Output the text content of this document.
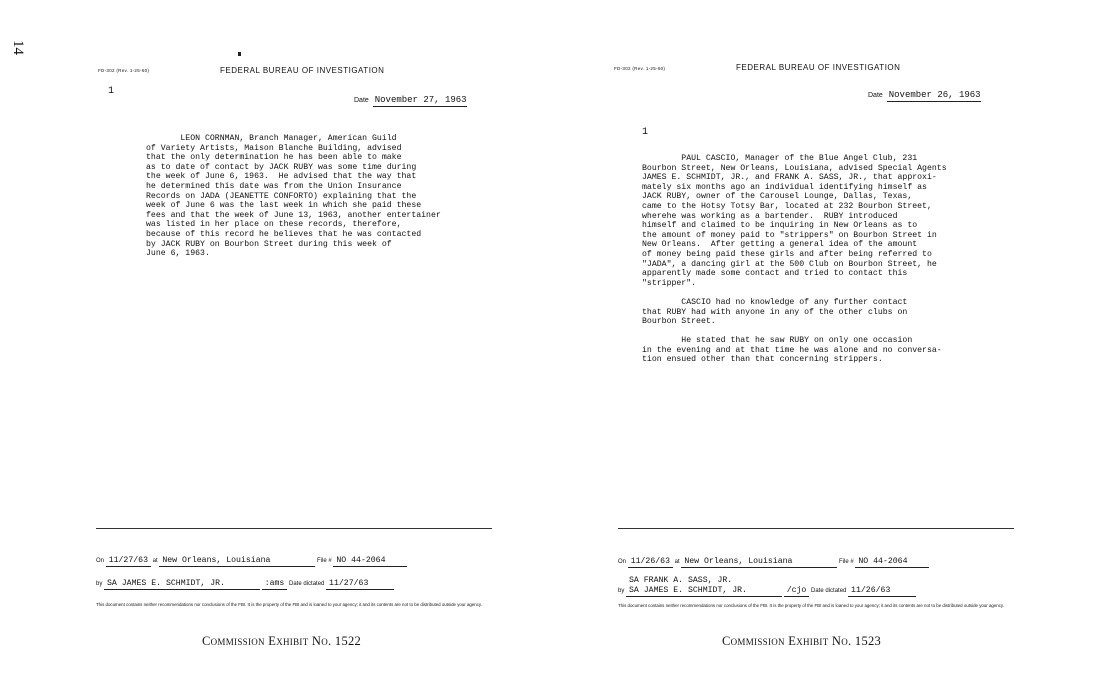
14
FD-302 (Rev. 1-25-60)	FEDERAL BUREAU OF INVESTIGATION
Date November 27, 1963
1
LEON CORNMAN, Branch Manager, American Guild
of Variety Artists, Maison Blanche Building, advised
that the only determination he has been able to make
as to date of contact by JACK RUBY was some time during
the week of June 6, 1963.  He advised that the way that
he determined this date was from the Union Insurance
Records on JADA (JEANETTE CONFORTO) explaining that the
week of June 6 was the last week in which she paid these
fees and that the week of June 13, 1963, another entertainer
was listed in her place on these records, therefore,
because of this record he believes that he was contacted
by JACK RUBY on Bourbon Street during this week of
June 6, 1963.
On 11/27/63 at New Orleans, Louisiana	File # NO 44-2064
by SA JAMES E. SCHMIDT, JR.	:ams Date dictated 11/27/63
This document contains neither recommendations nor conclusions of the FBI. It is the property of the FBI and is loaned to your agency; it and its contents are not to be distributed outside your agency.
Commission Exhibit No. 1522
FD-302 (Rev. 1-25-60)	FEDERAL BUREAU OF INVESTIGATION
Date November 26, 1963
1
PAUL CASCIO, Manager of the Blue Angel Club, 231
Bourbon Street, New Orleans, Louisiana, advised Special Agents
JAMES E. SCHMIDT, JR., and FRANK A. SASS, JR., that approxi-
mately six months ago an individual identifying himself as
JACK RUBY, owner of the Carousel Lounge, Dallas, Texas,
came to the Hotsy Totsy Bar, located at 232 Bourbon Street,
wherehe was working as a bartender.  RUBY introduced
himself and claimed to be inquiring in New Orleans as to
the amount of money paid to "strippers" on Bourbon Street in
New Orleans.  After getting a general idea of the amount
of money being paid these girls and after being referred to
"JADA", a dancing girl at the 500 Club on Bourbon Street, he
apparently made some contact and tried to contact this
"stripper".

CASCIO had no knowledge of any further contact
that RUBY had with anyone in any of the other clubs on
Bourbon Street.

He stated that he saw RUBY on only one occasion
in the evening and at that time he was alone and no conversa-
tion ensued other than that concerning strippers.
On 11/26/63 at New Orleans, Louisiana	File # NO 44-2064
by
SA FRANK A. SASS, JR.
SA JAMES E. SCHMIDT, JR.	/cjo Date dictated 11/26/63
This document contains neither recommendations nor conclusions of the FBI. It is the property of the FBI and is loaned to your agency; it and its contents are not to be distributed outside your agency.
Commission Exhibit No. 1523
